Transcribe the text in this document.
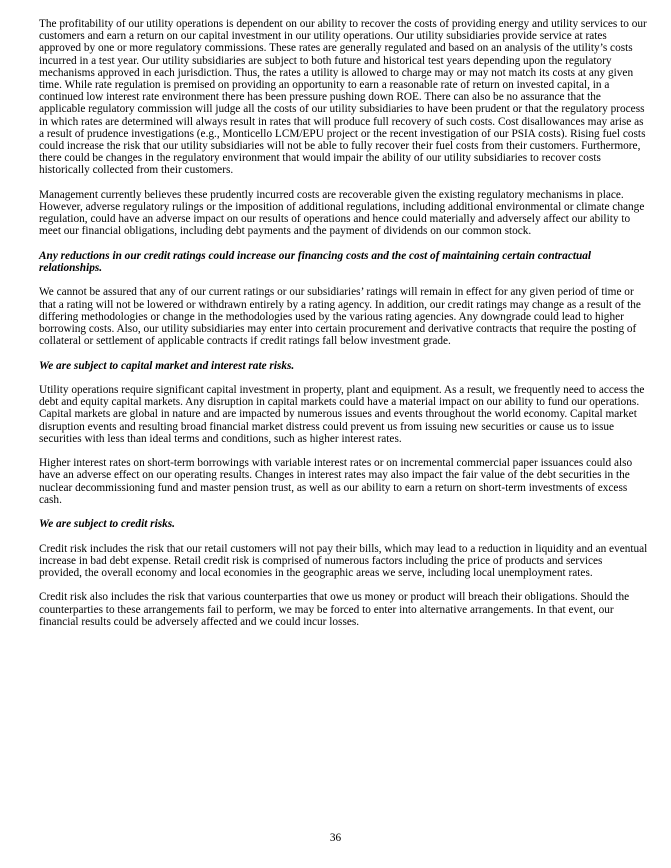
The profitability of our utility operations is dependent on our ability to recover the costs of providing energy and utility services to our
customers and earn a return on our capital investment in our utility operations. Our utility subsidiaries provide service at rates
approved by one or more regulatory commissions. These rates are generally regulated and based on an analysis of the utility’s costs
incurred in a test year. Our utility subsidiaries are subject to both future and historical test years depending upon the regulatory
mechanisms approved in each jurisdiction. Thus, the rates a utility is allowed to charge may or may not match its costs at any given
time. While rate regulation is premised on providing an opportunity to earn a reasonable rate of return on invested capital, in a
continued low interest rate environment there has been pressure pushing down ROE. There can also be no assurance that the
applicable regulatory commission will judge all the costs of our utility subsidiaries to have been prudent or that the regulatory process
in which rates are determined will always result in rates that will produce full recovery of such costs. Cost disallowances may arise as
a result of prudence investigations (e.g., Monticello LCM/EPU project or the recent investigation of our PSIA costs). Rising fuel costs
could increase the risk that our utility subsidiaries will not be able to fully recover their fuel costs from their customers. Furthermore,
there could be changes in the regulatory environment that would impair the ability of our utility subsidiaries to recover costs
historically collected from their customers.
Management currently believes these prudently incurred costs are recoverable given the existing regulatory mechanisms in place.
However, adverse regulatory rulings or the imposition of additional regulations, including additional environmental or climate change
regulation, could have an adverse impact on our results of operations and hence could materially and adversely affect our ability to
meet our financial obligations, including debt payments and the payment of dividends on our common stock.
Any reductions in our credit ratings could increase our financing costs and the cost of maintaining certain contractual
relationships.
We cannot be assured that any of our current ratings or our subsidiaries’ ratings will remain in effect for any given period of time or
that a rating will not be lowered or withdrawn entirely by a rating agency. In addition, our credit ratings may change as a result of the
differing methodologies or change in the methodologies used by the various rating agencies. Any downgrade could lead to higher
borrowing costs. Also, our utility subsidiaries may enter into certain procurement and derivative contracts that require the posting of
collateral or settlement of applicable contracts if credit ratings fall below investment grade.
We are subject to capital market and interest rate risks.
Utility operations require significant capital investment in property, plant and equipment. As a result, we frequently need to access the
debt and equity capital markets. Any disruption in capital markets could have a material impact on our ability to fund our operations.
Capital markets are global in nature and are impacted by numerous issues and events throughout the world economy. Capital market
disruption events and resulting broad financial market distress could prevent us from issuing new securities or cause us to issue
securities with less than ideal terms and conditions, such as higher interest rates.
Higher interest rates on short-term borrowings with variable interest rates or on incremental commercial paper issuances could also
have an adverse effect on our operating results. Changes in interest rates may also impact the fair value of the debt securities in the
nuclear decommissioning fund and master pension trust, as well as our ability to earn a return on short-term investments of excess
cash.
We are subject to credit risks.
Credit risk includes the risk that our retail customers will not pay their bills, which may lead to a reduction in liquidity and an eventual
increase in bad debt expense. Retail credit risk is comprised of numerous factors including the price of products and services
provided, the overall economy and local economies in the geographic areas we serve, including local unemployment rates.
Credit risk also includes the risk that various counterparties that owe us money or product will breach their obligations. Should the
counterparties to these arrangements fail to perform, we may be forced to enter into alternative arrangements. In that event, our
financial results could be adversely affected and we could incur losses.
36
